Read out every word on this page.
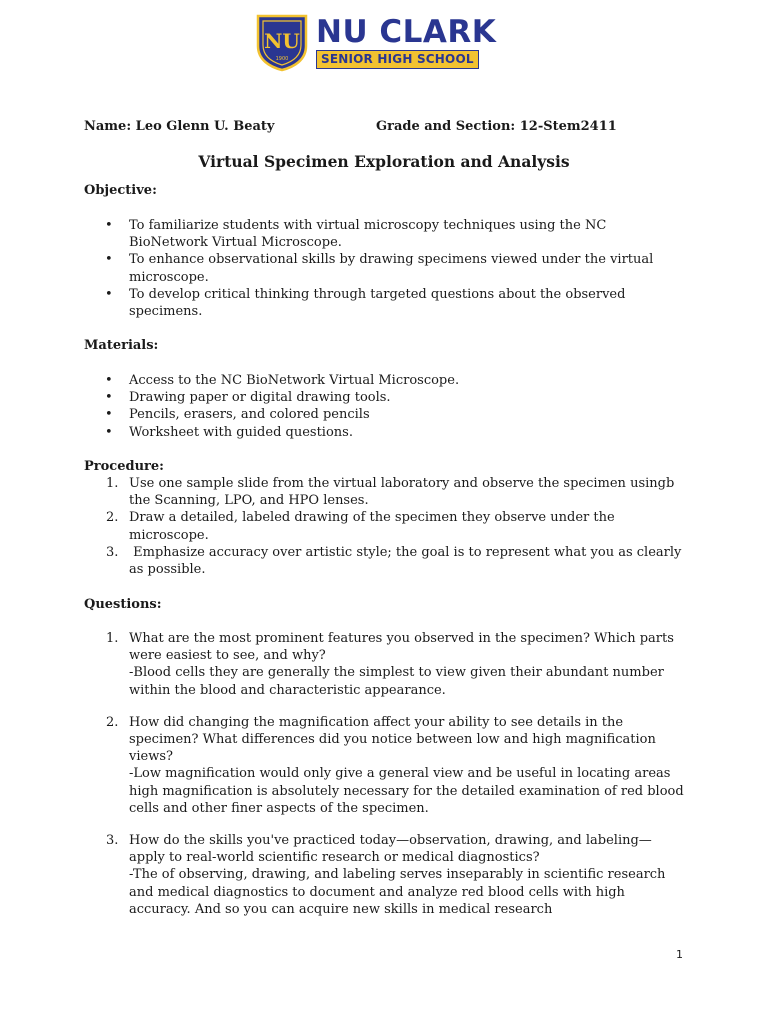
NU
1900
NU CLARK
SENIOR HIGH SCHOOL
Name: Leo Glenn U. Beaty	Grade and Section: 12-Stem2411
Virtual Specimen Exploration and Analysis
Objective:
• To familiarize students with virtual microscopy techniques using the NC
BioNetwork Virtual Microscope.
• To enhance observational skills by drawing specimens viewed under the virtual
microscope.
• To develop critical thinking through targeted questions about the observed
specimens.
Materials:
• Access to the NC BioNetwork Virtual Microscope.
• Drawing paper or digital drawing tools.
• Pencils, erasers, and colored pencils
• Worksheet with guided questions.
Procedure:
1. Use one sample slide from the virtual laboratory and observe the specimen usingb
the Scanning, LPO, and HPO lenses.
2. Draw a detailed, labeled drawing of the specimen they observe under the
microscope.
3. Emphasize accuracy over artistic style; the goal is to represent what you as clearly
as possible.
Questions:
1. What are the most prominent features you observed in the specimen? Which parts
were easiest to see, and why?
-Blood cells they are generally the simplest to view given their abundant number
within the blood and characteristic appearance.
2. How did changing the magnification affect your ability to see details in the
specimen? What differences did you notice between low and high magnification
views?
-Low magnification would only give a general view and be useful in locating areas
high magnification is absolutely necessary for the detailed examination of red blood
cells and other finer aspects of the specimen.
3. How do the skills you've practiced today—observation, drawing, and labeling—
apply to real-world scientific research or medical diagnostics?
-The of observing, drawing, and labeling serves inseparably in scientific research
and medical diagnostics to document and analyze red blood cells with high
accuracy. And so you can acquire new skills in medical research
1
